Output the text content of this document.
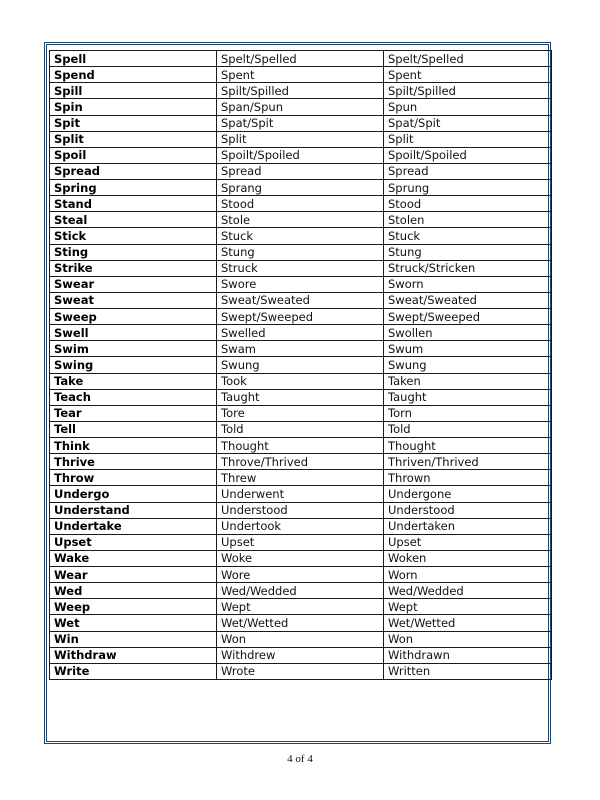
Spell	Spelt/Spelled	Spelt/Spelled
Spend	Spent	Spent
Spill	Spilt/Spilled	Spilt/Spilled
Spin	Span/Spun	Spun
Spit	Spat/Spit	Spat/Spit
Split	Split	Split
Spoil	Spoilt/Spoiled	Spoilt/Spoiled
Spread	Spread	Spread
Spring	Sprang	Sprung
Stand	Stood	Stood
Steal	Stole	Stolen
Stick	Stuck	Stuck
Sting	Stung	Stung
Strike	Struck	Struck/Stricken
Swear	Swore	Sworn
Sweat	Sweat/Sweated	Sweat/Sweated
Sweep	Swept/Sweeped	Swept/Sweeped
Swell	Swelled	Swollen
Swim	Swam	Swum
Swing	Swung	Swung
Take	Took	Taken
Teach	Taught	Taught
Tear	Tore	Torn
Tell	Told	Told
Think	Thought	Thought
Thrive	Throve/Thrived	Thriven/Thrived
Throw	Threw	Thrown
Undergo	Underwent	Undergone
Understand	Understood	Understood
Undertake	Undertook	Undertaken
Upset	Upset	Upset
Wake	Woke	Woken
Wear	Wore	Worn
Wed	Wed/Wedded	Wed/Wedded
Weep	Wept	Wept
Wet	Wet/Wetted	Wet/Wetted
Win	Won	Won
Withdraw	Withdrew	Withdrawn
Write	Wrote	Written
4 of 4
